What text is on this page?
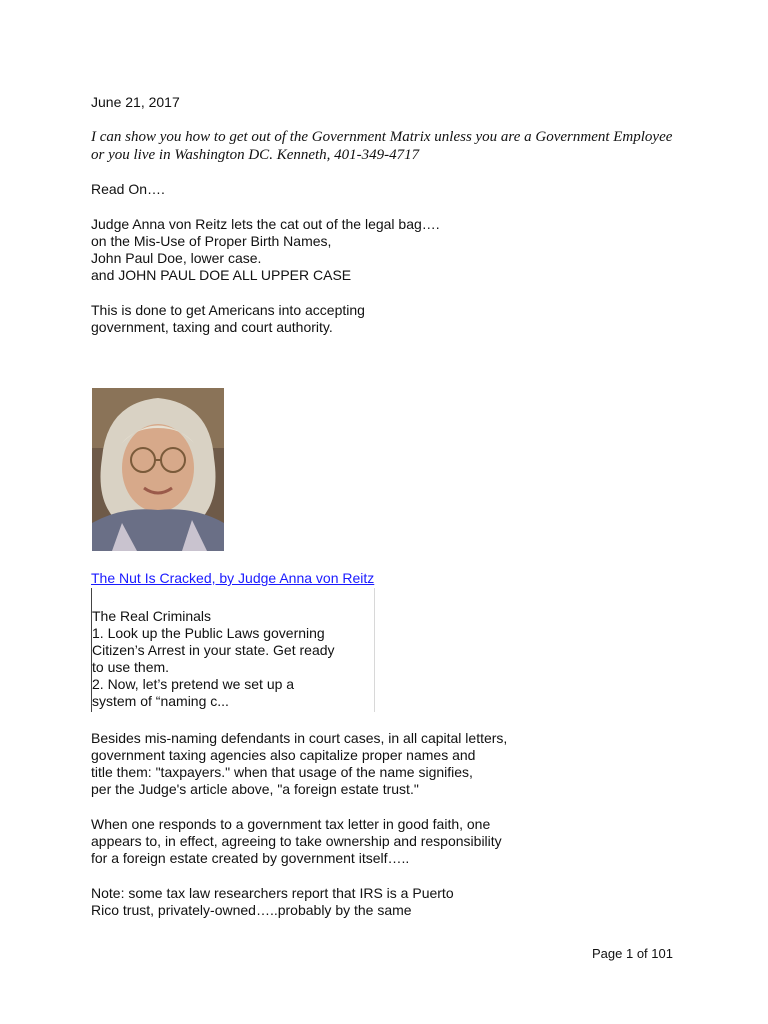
June 21, 2017
I can show you how to get out of the Government Matrix unless you are a Government Employee
or you live in Washington DC. Kenneth, 401-349-4717
Read On….
Judge Anna von Reitz lets the cat out of the legal bag….
on the Mis-Use of Proper Birth Names,
John Paul Doe, lower case.
and JOHN PAUL DOE ALL UPPER CASE
This is done to get Americans into accepting
government, taxing and court authority.
The Nut Is Cracked, by Judge Anna von Reitz
The Real Criminals
1. Look up the Public Laws governing
Citizen’s Arrest in your state. Get ready
to use them.
2. Now, let’s pretend we set up a
system of “naming c...
Besides mis-naming defendants in court cases, in all capital letters,
government taxing agencies also capitalize proper names and
title them: "taxpayers." when that usage of the name signifies,
per the Judge's article above, "a foreign estate trust."
When one responds to a government tax letter in good faith, one
appears to, in effect, agreeing to take ownership and responsibility
for a foreign estate created by government itself…..
Note: some tax law researchers report that IRS is a Puerto
Rico trust, privately-owned…..probably by the same
Page 1 of 101
